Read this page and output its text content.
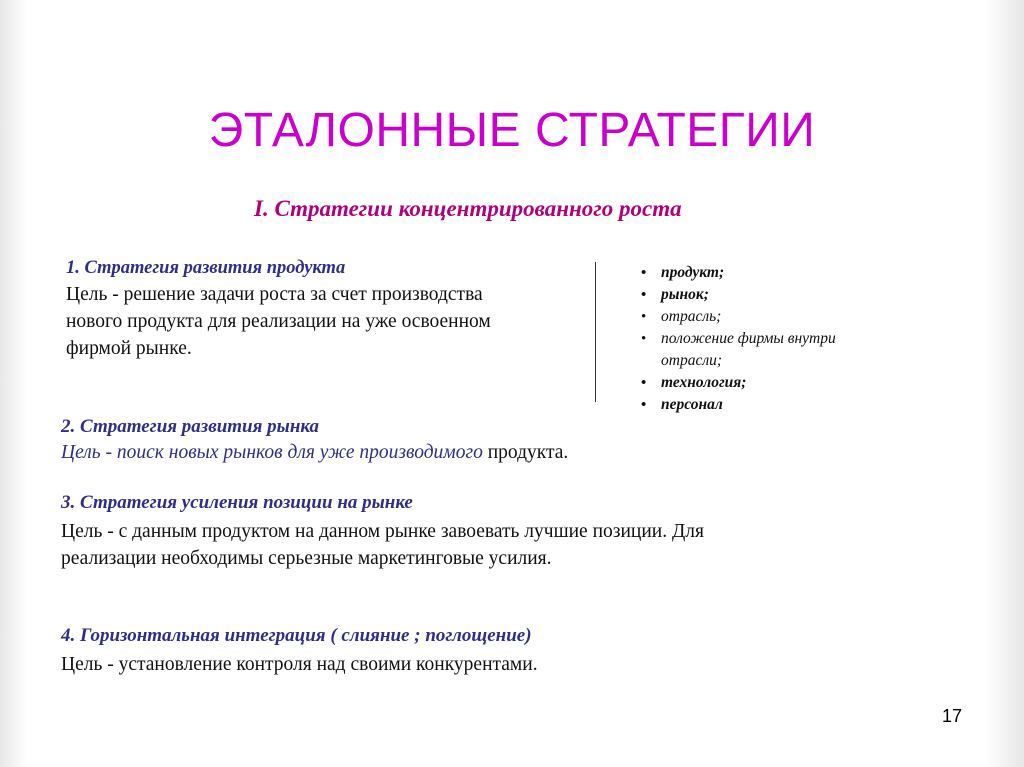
ЭТАЛОННЫЕ СТРАТЕГИИ
I. Стратегии концентрированного роста
1. Стратегия развития продукта
Цель - решение задачи роста за счет производства
нового продукта для реализации на уже освоенном
фирмой рынке.
• продукт;
• рынок;
• отрасль;
• положение фирмы внутри
отрасли;
• технология;
• персонал
2. Стратегия развития рынка
Цель - поиск новых рынков для уже производимого продукта.
3. Стратегия усиления позиции на рынке
Цель - с данным продуктом на данном рынке завоевать лучшие позиции. Для
реализации необходимы серьезные маркетинговые усилия.
4. Горизонтальная интеграция ( слияние ; поглощение)
Цель - установление контроля над своими конкурентами.
17
